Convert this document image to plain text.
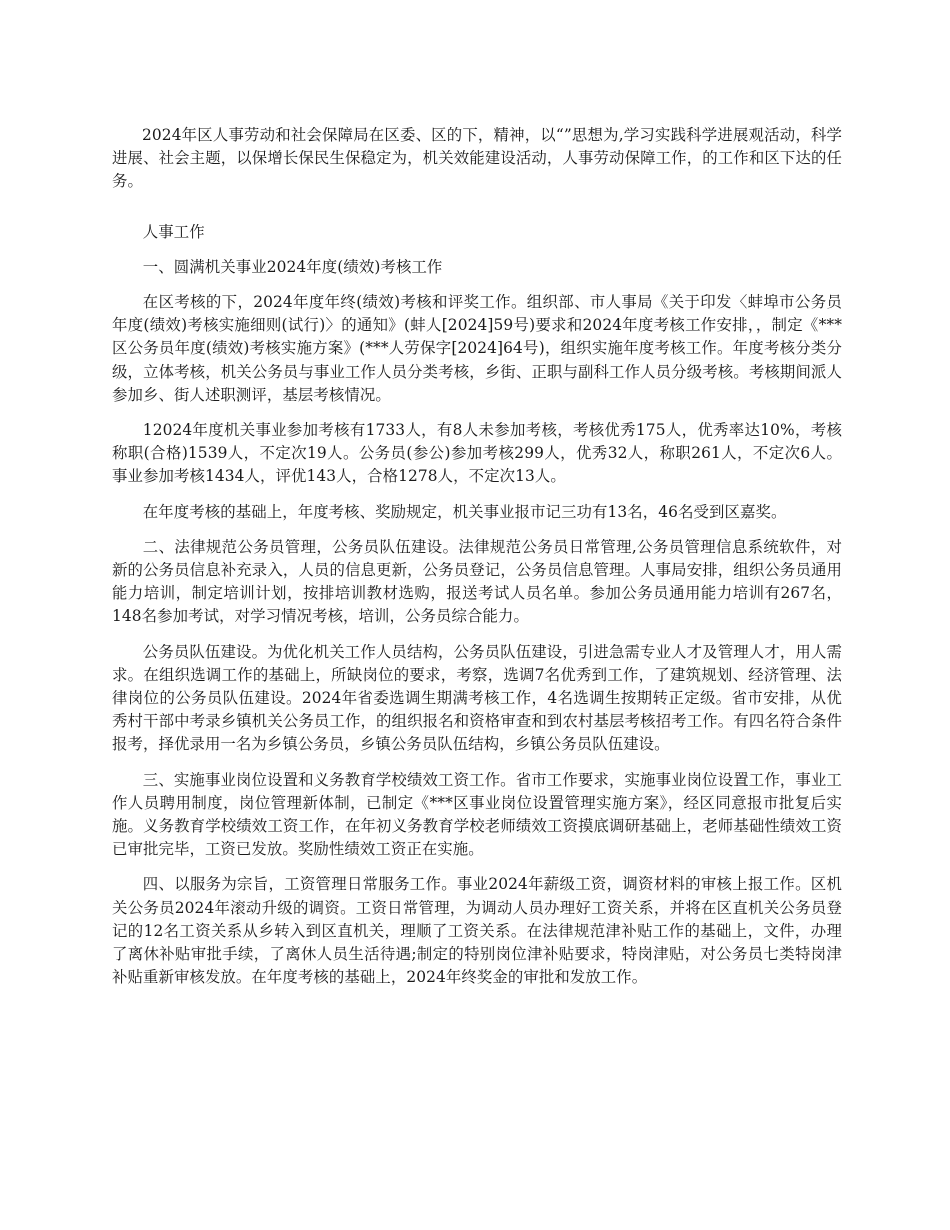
2024年区人事劳动和社会保障局在区委、区的下，精神，以“”思想为,学习实践科学进展观活动，科学进展、社会主题，以保增长保民生保稳定为，机关效能建设活动，人事劳动保障工作，的工作和区下达的任务。

人事工作

一、圆满机关事业2024年度(绩效)考核工作

在区考核的下，2024年度年终(绩效)考核和评奖工作。组织部、市人事局《关于印发〈蚌埠市公务员年度(绩效)考核实施细则(试行)〉的通知》(蚌人[2024]59号)要求和2024年度考核工作安排，，制定《***区公务员年度(绩效)考核实施方案》(***人劳保字[2024]64号)，组织实施年度考核工作。年度考核分类分级，立体考核，机关公务员与事业工作人员分类考核，乡街、正职与副科工作人员分级考核。考核期间派人参加乡、街人述职测评，基层考核情况。

12024年度机关事业参加考核有1733人，有8人未参加考核，考核优秀175人，优秀率达10%，考核称职(合格)1539人，不定次19人。公务员(参公)参加考核299人，优秀32人，称职261人，不定次6人。事业参加考核1434人，评优143人，合格1278人，不定次13人。

在年度考核的基础上，年度考核、奖励规定，机关事业报市记三功有13名，46名受到区嘉奖。

二、法律规范公务员管理，公务员队伍建设。法律规范公务员日常管理,公务员管理信息系统软件，对新的公务员信息补充录入，人员的信息更新，公务员登记，公务员信息管理。人事局安排，组织公务员通用能力培训，制定培训计划，按排培训教材选购，报送考试人员名单。参加公务员通用能力培训有267名，148名参加考试，对学习情况考核，培训，公务员综合能力。

公务员队伍建设。为优化机关工作人员结构，公务员队伍建设，引进急需专业人才及管理人才，用人需求。在组织选调工作的基础上，所缺岗位的要求，考察，选调7名优秀到工作，了建筑规划、经济管理、法律岗位的公务员队伍建设。2024年省委选调生期满考核工作，4名选调生按期转正定级。省市安排，从优秀村干部中考录乡镇机关公务员工作，的组织报名和资格审查和到农村基层考核招考工作。有四名符合条件报考，择优录用一名为乡镇公务员，乡镇公务员队伍结构，乡镇公务员队伍建设。

三、实施事业岗位设置和义务教育学校绩效工资工作。省市工作要求，实施事业岗位设置工作，事业工作人员聘用制度，岗位管理新体制，已制定《***区事业岗位设置管理实施方案》，经区同意报市批复后实施。义务教育学校绩效工资工作，在年初义务教育学校老师绩效工资摸底调研基础上，老师基础性绩效工资已审批完毕，工资已发放。奖励性绩效工资正在实施。

四、以服务为宗旨，工资管理日常服务工作。事业2024年薪级工资，调资材料的审核上报工作。区机关公务员2024年滚动升级的调资。工资日常管理，为调动人员办理好工资关系，并将在区直机关公务员登记的12名工资关系从乡转入到区直机关，理顺了工资关系。在法律规范津补贴工作的基础上，文件，办理了离休补贴审批手续，了离休人员生活待遇;制定的特别岗位津补贴要求，特岗津贴，对公务员七类特岗津补贴重新审核发放。在年度考核的基础上，2024年终奖金的审批和发放工作。
